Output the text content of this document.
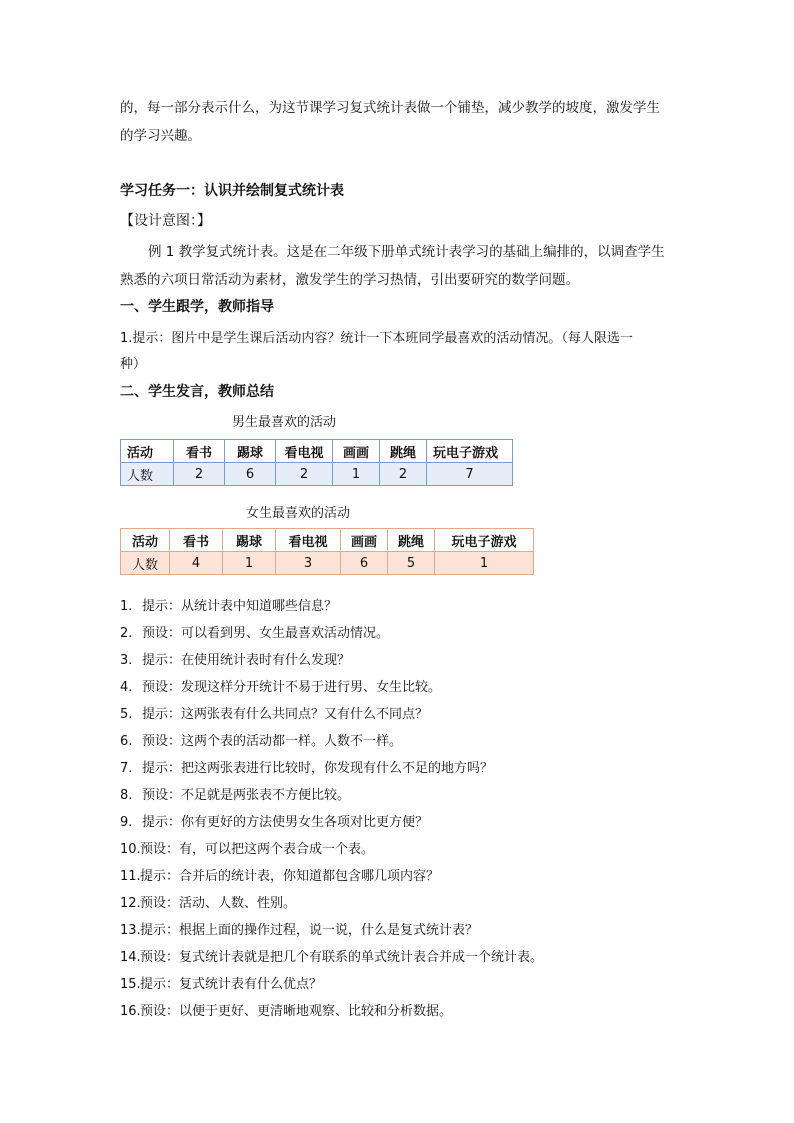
的，每一部分表示什么，为这节课学习复式统计表做一个铺垫，减少教学的坡度，激发学生
的学习兴趣。
学习任务一：认识并绘制复式统计表
【设计意图：】
例 1 教学复式统计表。这是在二年级下册单式统计表学习的基础上编排的，以调查学生
熟悉的六项日常活动为素材，激发学生的学习热情，引出要研究的数学问题。
一、学生跟学，教师指导
1.提示：图片中是学生课后活动内容？统计一下本班同学最喜欢的活动情况。（每人限选一
种）
二、学生发言，教师总结
男生最喜欢的活动
活动	看书	踢球	看电视	画画	跳绳	玩电子游戏
人数	2	6	2	1	2	7
女生最喜欢的活动
活动	看书	踢球	看电视	画画	跳绳	玩电子游戏
人数	4	1	3	6	5	1
1. 提示：从统计表中知道哪些信息？
2. 预设：可以看到男、女生最喜欢活动情况。
3. 提示：在使用统计表时有什么发现？
4. 预设：发现这样分开统计不易于进行男、女生比较。
5. 提示：这两张表有什么共同点？又有什么不同点？
6. 预设：这两个表的活动都一样。人数不一样。
7. 提示：把这两张表进行比较时，你发现有什么不足的地方吗？
8. 预设：不足就是两张表不方便比较。
9. 提示：你有更好的方法使男女生各项对比更方便？
10.预设：有，可以把这两个表合成一个表。
11.提示：合并后的统计表，你知道都包含哪几项内容？
12.预设：活动、人数、性别。
13.提示：根据上面的操作过程，说一说，什么是复式统计表？
14.预设：复式统计表就是把几个有联系的单式统计表合并成一个统计表。
15.提示：复式统计表有什么优点？
16.预设：以便于更好、更清晰地观察、比较和分析数据。
